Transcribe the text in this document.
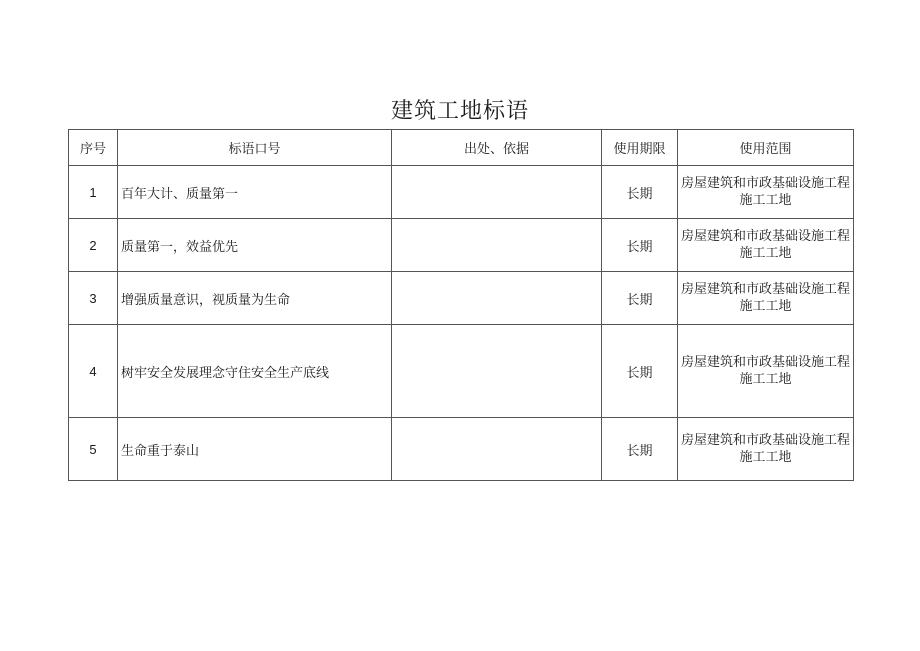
建筑工地标语
序号	标语口号	出处、依据	使用期限	使用范围
1	百年大计、质量第一		长期	房屋建筑和市政基础设施工程
施工工地

2	质量第一，效益优先		长期	房屋建筑和市政基础设施工程
施工工地

3	增强质量意识，视质量为生命		长期	房屋建筑和市政基础设施工程
施工工地

4	树牢安全发展理念守住安全生产底线		长期	房屋建筑和市政基础设施工程
施工工地

5	生命重于泰山		长期	房屋建筑和市政基础设施工程
施工工地
